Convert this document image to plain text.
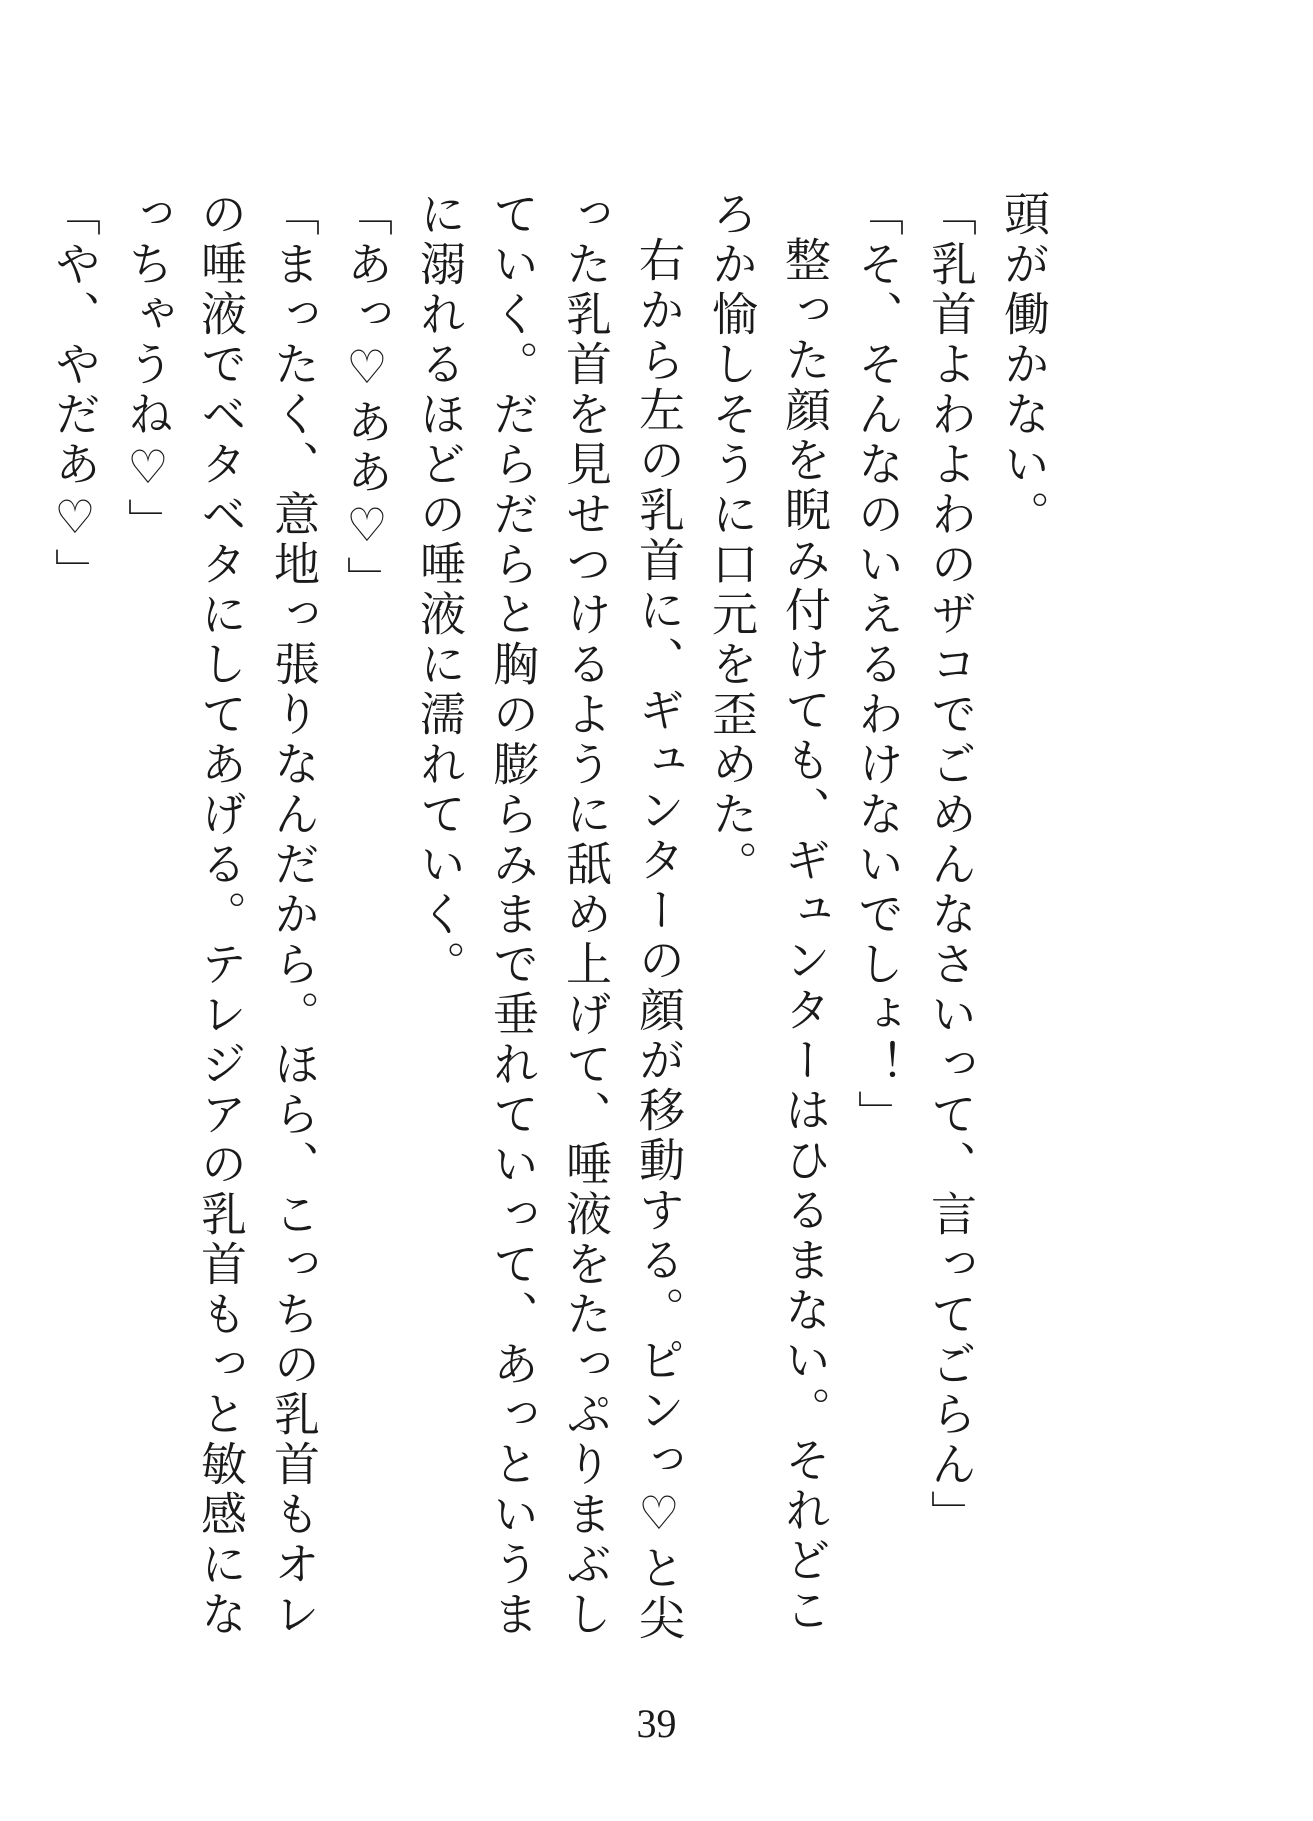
頭が働かない。

「乳首よわよわのザコでごめんなさいって、言ってごらん」

「そ、そんなのいえるわけないでしょ！」

整った顔を睨み付けても、ギュンターはひるまない。それどころか愉しそうに口元を歪めた。

右から左の乳首に、ギュンターの顔が移動する。ピンっ♡と尖った乳首を見せつけるように舐め上げて、唾液をたっぷりまぶしていく。だらだらと胸の膨らみまで垂れていって、あっというまに溺れるほどの唾液に濡れていく。

「あっ♡ああ♡」

「まったく、意地っ張りなんだから。ほら、こっちの乳首もオレの唾液でベタベタにしてあげる。テレジアの乳首もっと敏感になっちゃうね♡」

「や、やだあ♡」

39
